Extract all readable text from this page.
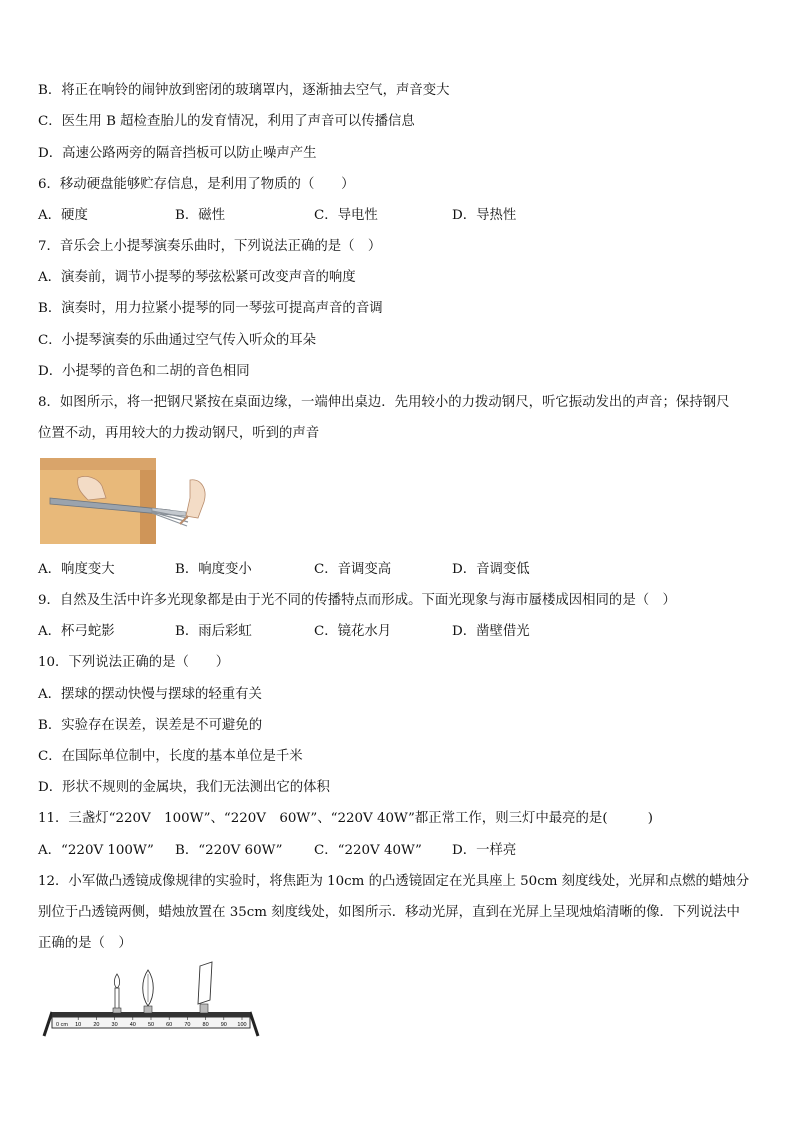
B．将正在响铃的闹钟放到密闭的玻璃罩内，逐渐抽去空气，声音变大
C．医生用 B 超检查胎儿的发育情况，利用了声音可以传播信息
D．高速公路两旁的隔音挡板可以防止噪声产生
6．移动硬盘能够贮存信息，是利用了物质的（　　）
A．硬度	B．磁性	C．导电性	D．导热性
7．音乐会上小提琴演奏乐曲时，下列说法正确的是（　）
A．演奏前，调节小提琴的琴弦松紧可改变声音的响度
B．演奏时，用力拉紧小提琴的同一琴弦可提高声音的音调
C．小提琴演奏的乐曲通过空气传入听众的耳朵
D．小提琴的音色和二胡的音色相同
8．如图所示，将一把钢尺紧按在桌面边缘，一端伸出桌边．先用较小的力拨动钢尺，听它振动发出的声音；保持钢尺
位置不动，再用较大的力拨动钢尺，听到的声音
A．响度变大	B．响度变小	C．音调变高	D．音调变低
9．自然及生活中许多光现象都是由于光不同的传播特点而形成。下面光现象与海市蜃楼成因相同的是（　）
A．杯弓蛇影	B．雨后彩虹	C．镜花水月	D．凿壁借光
10．下列说法正确的是（　　）
A．摆球的摆动快慢与摆球的轻重有关
B．实验存在误差，误差是不可避免的
C．在国际单位制中，长度的基本单位是千米
D．形状不规则的金属块，我们无法测出它的体积
11．三盏灯“220V　100W”、“220V　60W”、“220V 40W”都正常工作，则三灯中最亮的是(　　　)
A．“220V 100W” B．“220V 60W” C．“220V 40W” D．一样亮
12．小军做凸透镜成像规律的实验时，将焦距为 10cm 的凸透镜固定在光具座上 50cm 刻度线处，光屏和点燃的蜡烛分
别位于凸透镜两侧，蜡烛放置在 35cm 刻度线处，如图所示．移动光屏，直到在光屏上呈现烛焰清晰的像．下列说法中
正确的是（　）
0 cm 10 20 30 40 50 60 70 80 90 100
